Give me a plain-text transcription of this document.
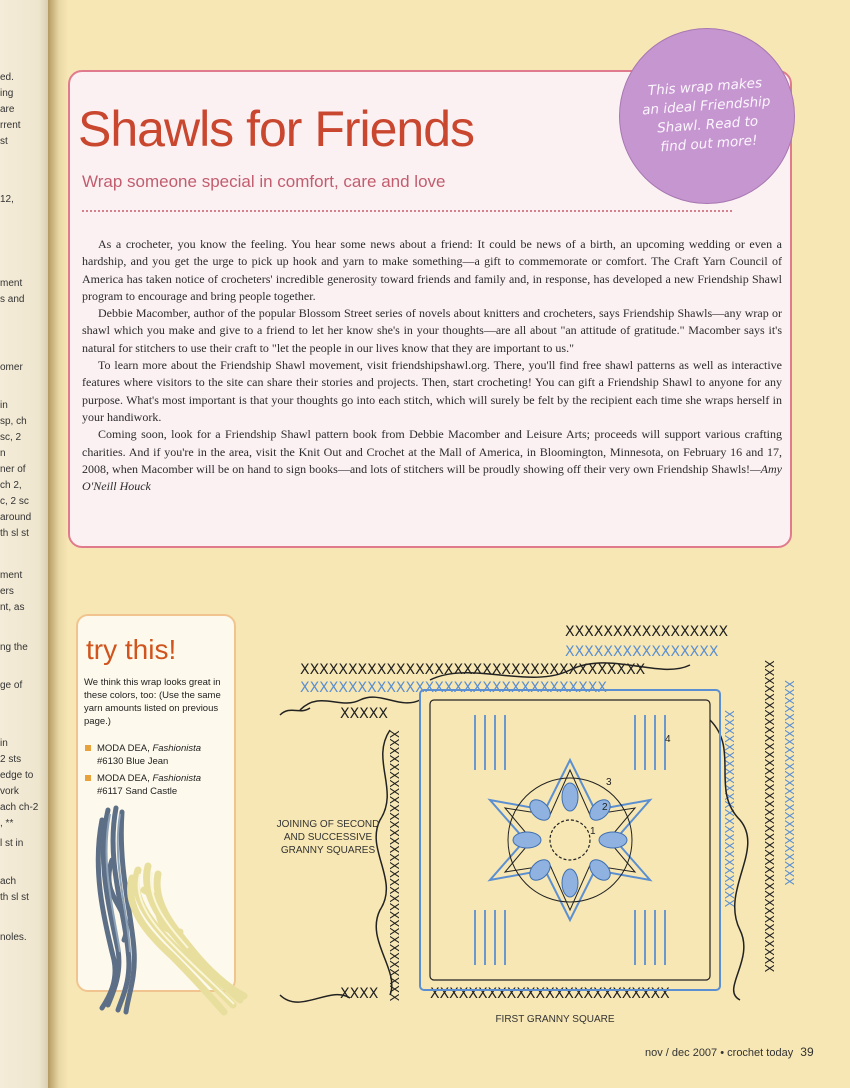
ed.
ing
are
rrent
st
12,
ment
s and
omer
in
sp, ch
sc, 2
n
ner of
ch 2,
c, 2 sc
around
th sl st
ment
ers
nt, as
ng the
ge of
in
2 sts
edge to
vork
ach ch-2
, **
l st in
ach
th sl st
noles.
Shawls for Friends
Wrap someone special in comfort, care and love

As a crocheter, you know the feeling. You hear some news about a friend: It could be news of a birth, an upcoming wedding or even a hardship, and you get the urge to pick up hook and yarn to make something—a gift to commemorate or comfort. The Craft Yarn Council of America has taken notice of crocheters' incredible generosity toward friends and family and, in response, has developed a new Friendship Shawl program to encourage and bring people together.

Debbie Macomber, author of the popular Blossom Street series of novels about knitters and crocheters, says Friendship Shawls—any wrap or shawl which you make and give to a friend to let her know she's in your thoughts—are all about "an attitude of gratitude." Macomber says it's natural for stitchers to use their craft to "let the people in our lives know that they are important to us."

To learn more about the Friendship Shawl movement, visit friendshipshawl.org. There, you'll find free shawl patterns as well as interactive features where visitors to the site can share their stories and projects. Then, start crocheting! You can gift a Friendship Shawl to anyone for any purpose. What's most important is that your thoughts go into each stitch, which will surely be felt by the recipient each time she wraps herself in your handiwork.

Coming soon, look for a Friendship Shawl pattern book from Debbie Macomber and Leisure Arts; proceeds will support various crafting charities. And if you're in the area, visit the Knit Out and Crochet at the Mall of America, in Bloomington, Minnesota, on February 16 and 17, 2008, when Macomber will be on hand to sign books—and lots of stitchers will be proudly showing off their very own Friendship Shawls!—Amy O'Neill Houck

This wrap makes an ideal Friendship Shawl. Read to find out more!
try this!
We think this wrap looks great in these colors, too: (Use the same yarn amounts listed on previous page.)
MODA DEA, Fashionista
#6130 Blue Jean
MODA DEA, Fashionista
#6117 Sand Castle
XXXXXXXXXXXXXXXXX
XXXXXXXXXXXXXXXXXXXXXXXXXXXXXXXXXXXX
XXXXX
XXXX	XXXXXXXXXXXXXXXXXXXXXXXXX
XXXXXXXXXXXXXXXX
XXXXXXXXXXXXXXXXXXXXXXXXXXXXXXXX
XXXXXXXXXXXXXXXXXXXXXXXXXXXXXXXXX	XXXXXXXXXXXXXXXXXXXXXXXXXXXXXXXXXXXXXX XXXXXXXXXXXXXXXXXXXXXXXXX
XXXXXXXXXXXXXXXXXXXXXXXX
1
2
3
4
JOINING OF SECOND AND SUCCESSIVE GRANNY SQUARES
FIRST GRANNY SQUARE
nov / dec 2007 • crochet today 39
